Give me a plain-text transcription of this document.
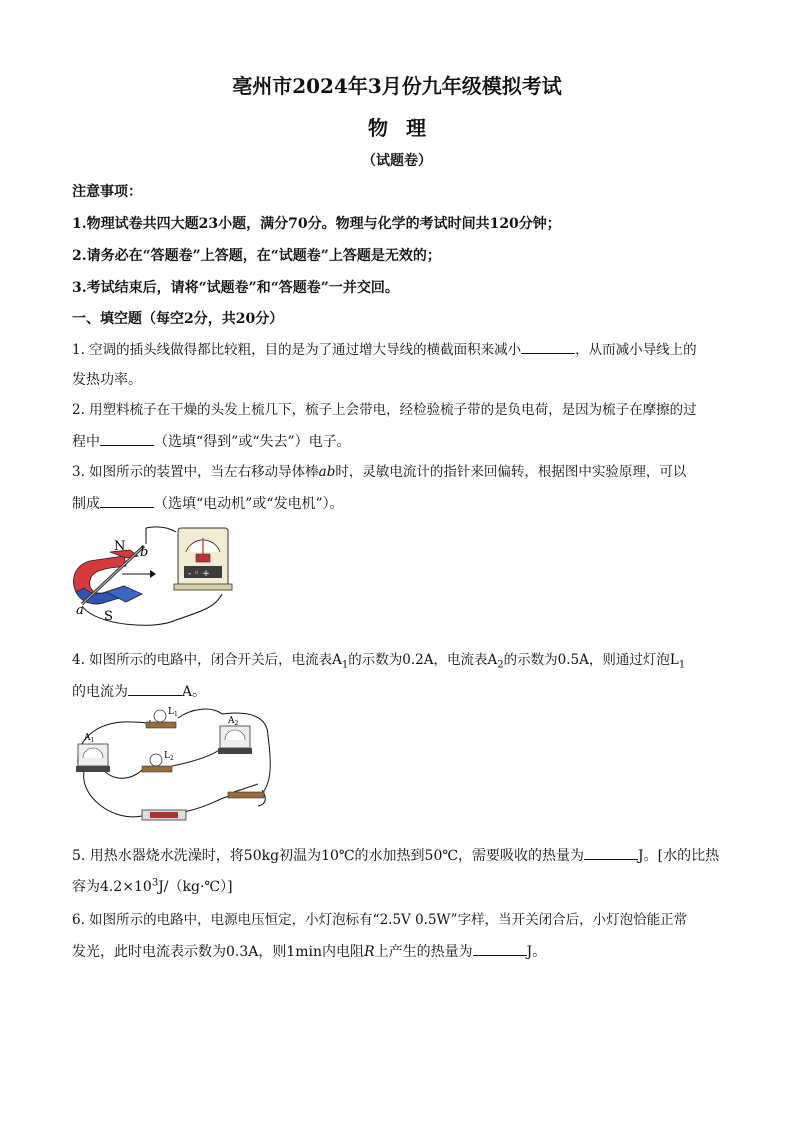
亳州市2024年3月份九年级模拟考试
物理
（试题卷）
注意事项：
1.物理试卷共四大题23小题，满分70分。物理与化学的考试时间共120分钟；
2.请务必在“答题卷”上答题，在“试题卷”上答题是无效的；
3.考试结束后，请将“试题卷”和“答题卷”一并交回。
一、填空题（每空2分，共20分）
1. 空调的插头线做得都比较粗，目的是为了通过增大导线的横截面积来减小	，从而减小导线上的
发热功率。
2. 用塑料梳子在干燥的头发上梳几下，梳子上会带电，经检验梳子带的是负电荷，是因为梳子在摩擦的过
程中	（选填“得到”或“失去”）电子。
3. 如图所示的装置中，当左右移动导体棒ab时，灵敏电流计的指针来回偏转，根据图中实验原理，可以
制成	（选填“电动机”或“发电机”）。
- ◦ +
N
S
a
b
4. 如图所示的电路中，闭合开关后，电流表$A_1$的示数为0.2A，电流表$A_2$的示数为0.5A，则通过灯泡$L_1$
的电流为	A。
$A_1$
$A_2$
$L_1$
$L_2$
5. 用热水器烧水洗澡时，将50kg初温为10℃的水加热到50℃，需要吸收的热量为	J。[水的比热
容为$4.2\times 10^3J/(kg\cdot℃)$]
6. 如图所示的电路中，电源电压恒定，小灯泡标有“2.5V 0.5W”字样，当开关闭合后，小灯泡恰能正常
发光，此时电流表示数为0.3A，则1min内电阻R上产生的热量为	J。
